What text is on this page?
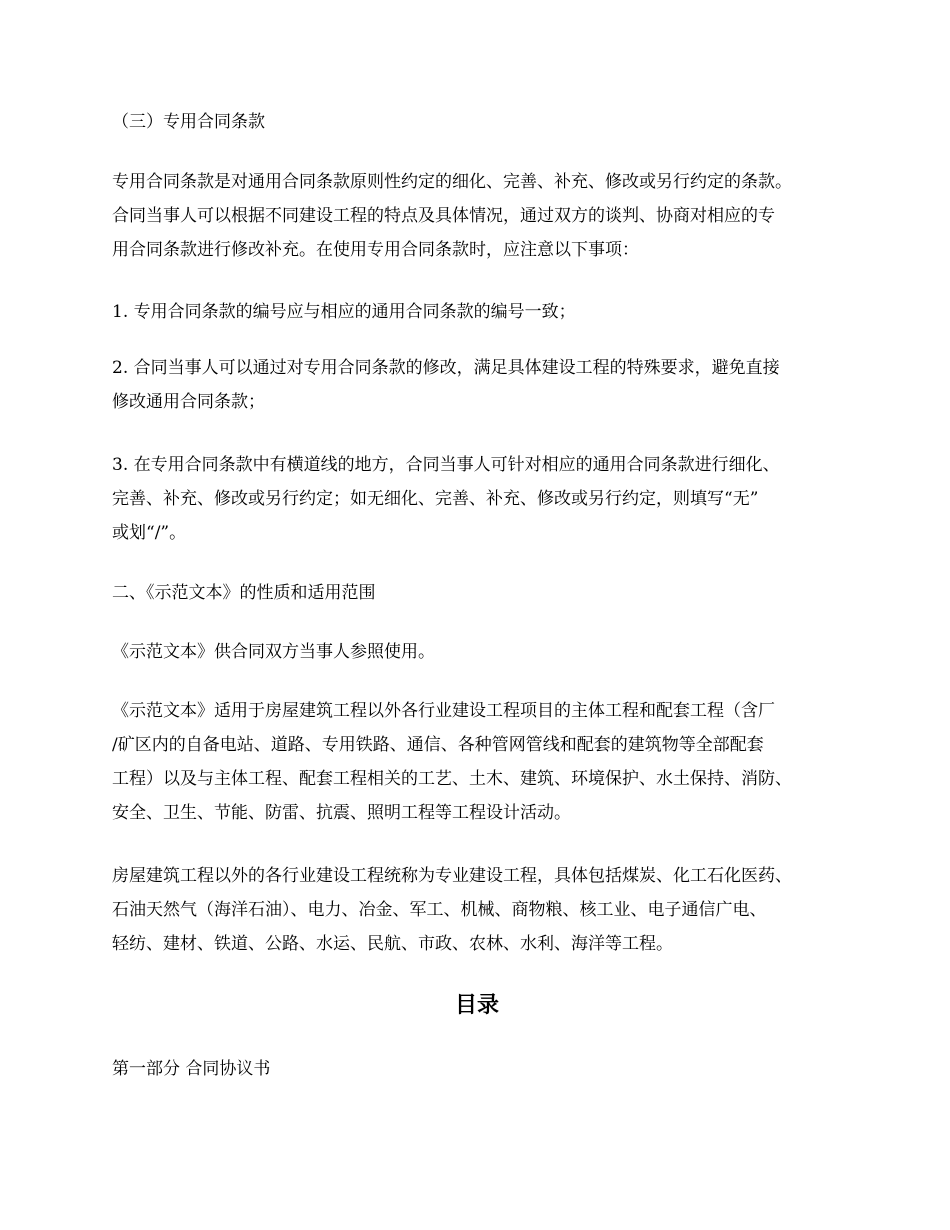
（三）专用合同条款

专用合同条款是对通用合同条款原则性约定的细化、完善、补充、修改或另行约定的条款。

合同当事人可以根据不同建设工程的特点及具体情况，通过双方的谈判、协商对相应的专

用合同条款进行修改补充。在使用专用合同条款时，应注意以下事项：

1. 专用合同条款的编号应与相应的通用合同条款的编号一致；

2. 合同当事人可以通过对专用合同条款的修改，满足具体建设工程的特殊要求，避免直接

修改通用合同条款；

3. 在专用合同条款中有横道线的地方，合同当事人可针对相应的通用合同条款进行细化、

完善、补充、修改或另行约定；如无细化、完善、补充、修改或另行约定，则填写“无”

或划“/”。

二、《示范文本》的性质和适用范围

《示范文本》供合同双方当事人参照使用。

《示范文本》适用于房屋建筑工程以外各行业建设工程项目的主体工程和配套工程（含厂

/矿区内的自备电站、道路、专用铁路、通信、各种管网管线和配套的建筑物等全部配套

工程）以及与主体工程、配套工程相关的工艺、土木、建筑、环境保护、水土保持、消防、

安全、卫生、节能、防雷、抗震、照明工程等工程设计活动。

房屋建筑工程以外的各行业建设工程统称为专业建设工程，具体包括煤炭、化工石化医药、

石油天然气（海洋石油）、电力、冶金、军工、机械、商物粮、核工业、电子通信广电、

轻纺、建材、铁道、公路、水运、民航、市政、农林、水利、海洋等工程。

目录

第一部分 合同协议书
